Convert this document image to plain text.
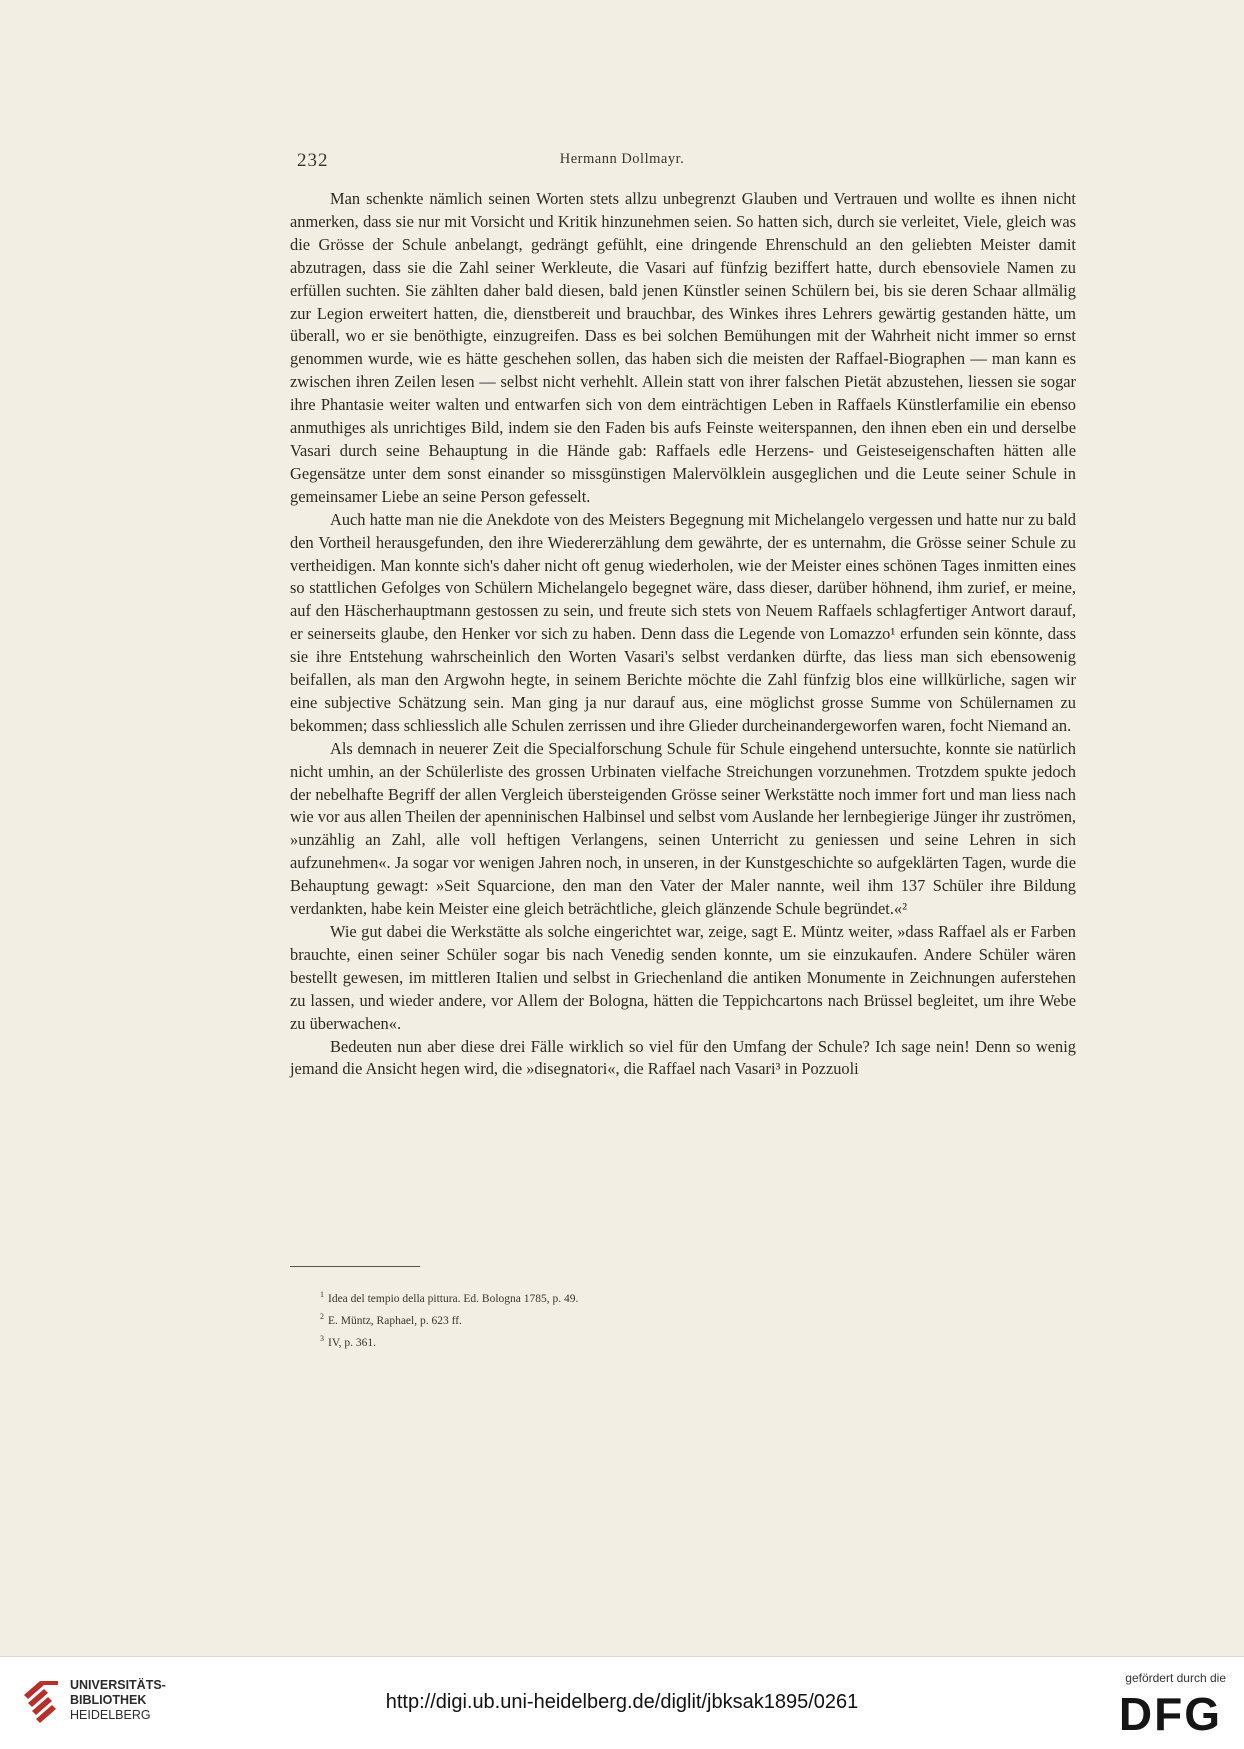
232	Hermann Dollmayr.

Man schenkte nämlich seinen Worten stets allzu unbegrenzt Glauben und Vertrauen und wollte es ihnen nicht anmerken, dass sie nur mit Vorsicht und Kritik hinzunehmen seien. So hatten sich, durch sie verleitet, Viele, gleich was die Grösse der Schule anbelangt, gedrängt gefühlt, eine dringende Ehrenschuld an den geliebten Meister damit abzutragen, dass sie die Zahl seiner Werkleute, die Vasari auf fünfzig beziffert hatte, durch ebensoviele Namen zu erfüllen suchten. Sie zählten daher bald diesen, bald jenen Künstler seinen Schülern bei, bis sie deren Schaar allmälig zur Legion erweitert hatten, die, dienstbereit und brauchbar, des Winkes ihres Lehrers gewärtig gestanden hätte, um überall, wo er sie benöthigte, einzugreifen. Dass es bei solchen Bemühungen mit der Wahrheit nicht immer so ernst genommen wurde, wie es hätte geschehen sollen, das haben sich die meisten der Raffael-Biographen — man kann es zwischen ihren Zeilen lesen — selbst nicht verhehlt. Allein statt von ihrer falschen Pietät abzustehen, liessen sie sogar ihre Phantasie weiter walten und entwarfen sich von dem einträchtigen Leben in Raffaels Künstlerfamilie ein ebenso anmuthiges als unrichtiges Bild, indem sie den Faden bis aufs Feinste weiterspannen, den ihnen eben ein und derselbe Vasari durch seine Behauptung in die Hände gab: Raffaels edle Herzens- und Geisteseigenschaften hätten alle Gegensätze unter dem sonst einander so missgünstigen Malervölklein ausgeglichen und die Leute seiner Schule in gemeinsamer Liebe an seine Person gefesselt.

Auch hatte man nie die Anekdote von des Meisters Begegnung mit Michelangelo vergessen und hatte nur zu bald den Vortheil herausgefunden, den ihre Wiedererzählung dem gewährte, der es unternahm, die Grösse seiner Schule zu vertheidigen. Man konnte sich's daher nicht oft genug wiederholen, wie der Meister eines schönen Tages inmitten eines so stattlichen Gefolges von Schülern Michelangelo begegnet wäre, dass dieser, darüber höhnend, ihm zurief, er meine, auf den Häscherhauptmann gestossen zu sein, und freute sich stets von Neuem Raffaels schlagfertiger Antwort darauf, er seinerseits glaube, den Henker vor sich zu haben. Denn dass die Legende von Lomazzo¹ erfunden sein könnte, dass sie ihre Entstehung wahrscheinlich den Worten Vasari's selbst verdanken dürfte, das liess man sich ebensowenig beifallen, als man den Argwohn hegte, in seinem Berichte möchte die Zahl fünfzig blos eine willkürliche, sagen wir eine subjective Schätzung sein. Man ging ja nur darauf aus, eine möglichst grosse Summe von Schülernamen zu bekommen; dass schliesslich alle Schulen zerrissen und ihre Glieder durcheinandergeworfen waren, focht Niemand an.

Als demnach in neuerer Zeit die Specialforschung Schule für Schule eingehend untersuchte, konnte sie natürlich nicht umhin, an der Schülerliste des grossen Urbinaten vielfache Streichungen vorzunehmen. Trotzdem spukte jedoch der nebelhafte Begriff der allen Vergleich übersteigenden Grösse seiner Werkstätte noch immer fort und man liess nach wie vor aus allen Theilen der apenninischen Halbinsel und selbst vom Auslande her lernbegierige Jünger ihr zuströmen, »unzählig an Zahl, alle voll heftigen Verlangens, seinen Unterricht zu geniessen und seine Lehren in sich aufzunehmen«. Ja sogar vor wenigen Jahren noch, in unseren, in der Kunstgeschichte so aufgeklärten Tagen, wurde die Behauptung gewagt: »Seit Squarcione, den man den Vater der Maler nannte, weil ihm 137 Schüler ihre Bildung verdankten, habe kein Meister eine gleich beträchtliche, gleich glänzende Schule begründet.«²

Wie gut dabei die Werkstätte als solche eingerichtet war, zeige, sagt E. Müntz weiter, »dass Raffael als er Farben brauchte, einen seiner Schüler sogar bis nach Venedig senden konnte, um sie einzukaufen. Andere Schüler wären bestellt gewesen, im mittleren Italien und selbst in Griechenland die antiken Monumente in Zeichnungen auferstehen zu lassen, und wieder andere, vor Allem der Bologna, hätten die Teppichcartons nach Brüssel begleitet, um ihre Webe zu überwachen«.

Bedeuten nun aber diese drei Fälle wirklich so viel für den Umfang der Schule? Ich sage nein! Denn so wenig jemand die Ansicht hegen wird, die »disegnatori«, die Raffael nach Vasari³ in Pozzuoli

$^1$ Idea del tempio della pittura. Ed. Bologna 1785, p. 49.
$^2$ E. Müntz, Raphael, p. 623 ff.
$^3$ IV, p. 361.
UNIVERSITÄTS-
BIBLIOTHEK
HEIDELBERG
http://digi.ub.uni-heidelberg.de/diglit/jbksak1895/0261
gefördert durch die
DFG
